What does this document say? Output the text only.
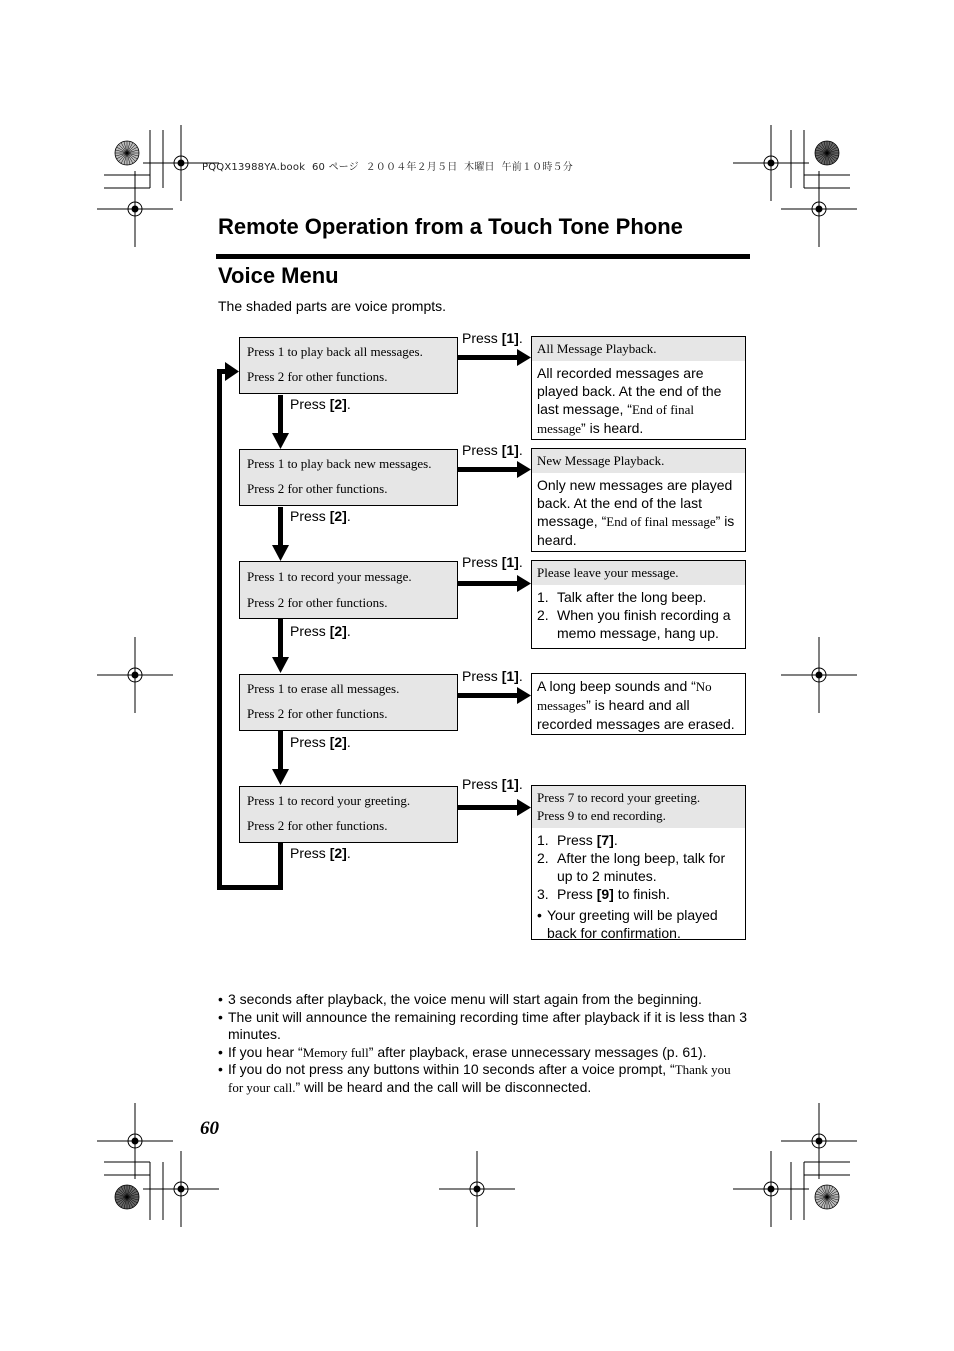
PQQX13988YA.book  60 ページ  ２００４年２月５日  木曜日  午前１０時５分
Remote Operation from a Touch Tone Phone
Voice Menu
The shaded parts are voice prompts.
Press 1 to play back all messages.
Press 2 for other functions.
Press [1].
Press [2].
All Message Playback.
All recorded messages are played back. At the end of the last message, “End of final message” is heard.
Press 1 to play back new messages.
Press 2 for other functions.
Press [1].
Press [2].
New Message Playback.
Only new messages are played back. At the end of the last message, “End of final message” is heard.
Press 1 to record your message.
Press 2 for other functions.
Press [1].
Press [2].
Please leave your message.
1. Talk after the long beep.
2. When you finish recording a memo message, hang up.
Press 1 to erase all messages.
Press 2 for other functions.
Press [1].
Press [2].
A long beep sounds and “No messages” is heard and all recorded messages are erased.
Press 1 to record your greeting.
Press 2 for other functions.
Press [1].
Press [2].
Press 7 to record your greeting.
Press 9 to end recording.
1. Press [7].
2. After the long beep, talk for up to 2 minutes.
3. Press [9] to finish.
• Your greeting will be played back for confirmation.
• 3 seconds after playback, the voice menu will start again from the beginning.
• The unit will announce the remaining recording time after playback if it is less than 3 minutes.
• If you hear “Memory full” after playback, erase unnecessary messages (p. 61).
• If you do not press any buttons within 10 seconds after a voice prompt, “Thank you for your call.” will be heard and the call will be disconnected.
60
